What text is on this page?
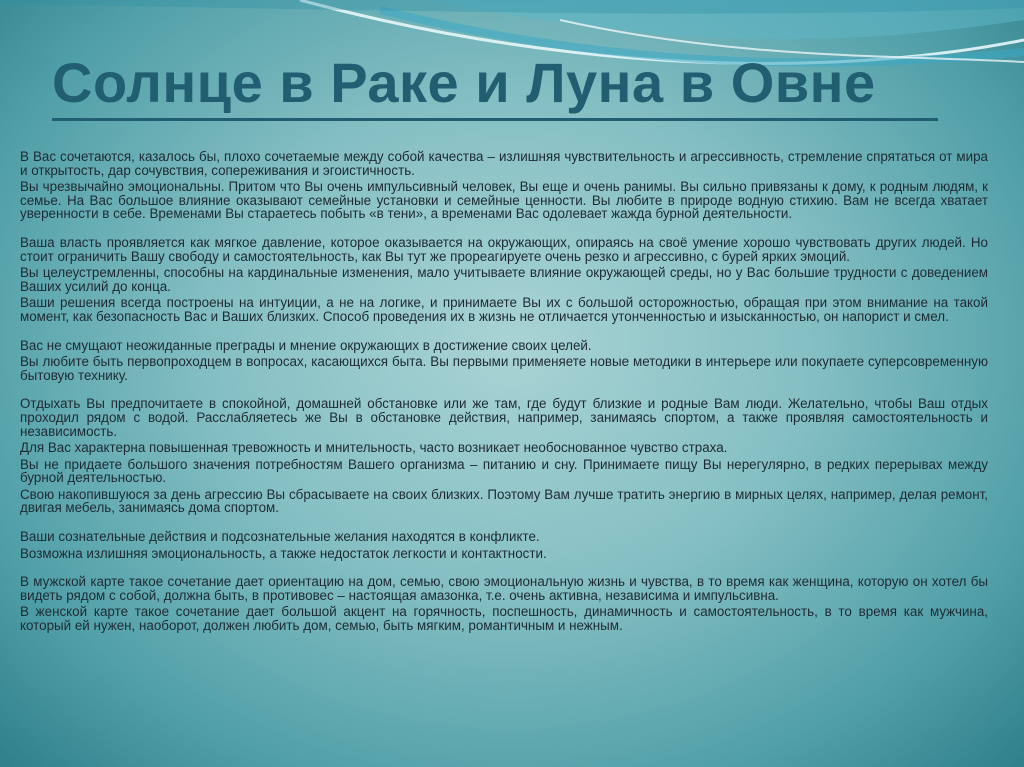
Солнце в Раке и Луна в Овне

В Вас сочетаются, казалось бы, плохо сочетаемые между собой качества – излишняя чувствительность и агрессивность, стремление спрятаться от мира и открытость, дар сочувствия, сопереживания и эгоистичность.

Вы чрезвычайно эмоциональны. Притом что Вы очень импульсивный человек, Вы еще и очень ранимы. Вы сильно привязаны к дому, к родным людям, к семье. На Вас большое влияние оказывают семейные установки и семейные ценности. Вы любите в природе водную стихию. Вам не всегда хватает уверенности в себе. Временами Вы стараетесь побыть «в тени», а временами Вас одолевает жажда бурной деятельности.

Ваша власть проявляется как мягкое давление, которое оказывается на окружающих, опираясь на своё умение хорошо чувствовать других людей. Но стоит ограничить Вашу свободу и самостоятельность, как Вы тут же прореагируете очень резко и агрессивно, с бурей ярких эмоций.

Вы целеустремленны, способны на кардинальные изменения, мало учитываете влияние окружающей среды, но у Вас большие трудности с доведением Ваших усилий до конца.

Ваши решения всегда построены на интуиции, а не на логике, и принимаете Вы их с большой осторожностью, обращая при этом внимание на такой момент, как безопасность Вас и Ваших близких. Способ проведения их в жизнь не отличается утонченностью и изысканностью, он напорист и смел.

Вас не смущают неожиданные преграды и мнение окружающих в достижение своих целей.

Вы любите быть первопроходцем в вопросах, касающихся быта. Вы первыми применяете новые методики в интерьере или покупаете суперсовременную бытовую технику.

Отдыхать Вы предпочитаете в спокойной, домашней обстановке или же там, где будут близкие и родные Вам люди. Желательно, чтобы Ваш отдых проходил рядом с водой. Расслабляетесь же Вы в обстановке действия, например, занимаясь спортом, а также проявляя самостоятельность и независимость.

Для Вас характерна повышенная тревожность и мнительность, часто возникает необоснованное чувство страха.

Вы не придаете большого значения потребностям Вашего организма – питанию и сну. Принимаете пищу Вы нерегулярно, в редких перерывах между бурной деятельностью.

Свою накопившуюся за день агрессию Вы сбрасываете на своих близких. Поэтому Вам лучше тратить энергию в мирных целях, например, делая ремонт, двигая мебель, занимаясь дома спортом.

Ваши сознательные действия и подсознательные желания находятся в конфликте.

Возможна излишняя эмоциональность, а также недостаток легкости и контактности.

В мужской карте такое сочетание дает ориентацию на дом, семью, свою эмоциональную жизнь и чувства, в то время как женщина, которую он хотел бы видеть рядом с собой, должна быть, в противовес – настоящая амазонка, т.е. очень активна, независима и импульсивна.

В женской карте такое сочетание дает большой акцент на горячность, поспешность, динамичность и самостоятельность, в то время как мужчина, который ей нужен, наоборот, должен любить дом, семью, быть мягким, романтичным и нежным.
